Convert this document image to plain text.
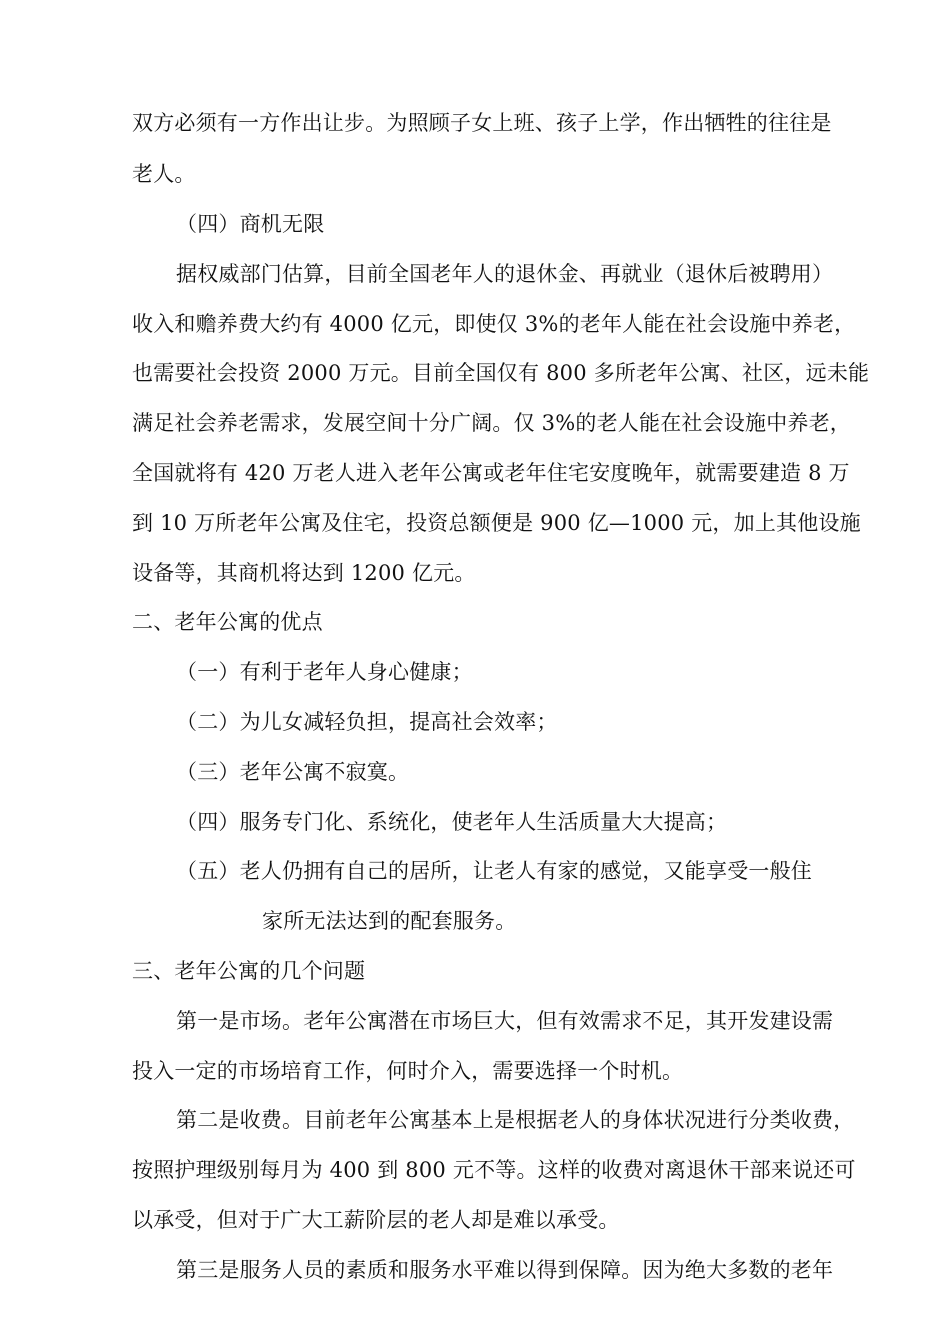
双方必须有一方作出让步。为照顾子女上班、孩子上学，作出牺牲的往往是
老人。
（四）商机无限
据权威部门估算，目前全国老年人的退休金、再就业（退休后被聘用）
收入和赡养费大约有 4000 亿元，即使仅 3%的老年人能在社会设施中养老，
也需要社会投资 2000 万元。目前全国仅有 800 多所老年公寓、社区，远未能
满足社会养老需求，发展空间十分广阔。仅 3%的老人能在社会设施中养老，
全国就将有 420 万老人进入老年公寓或老年住宅安度晚年，就需要建造 8 万
到 10 万所老年公寓及住宅，投资总额便是 900 亿—1000 元，加上其他设施
设备等，其商机将达到 1200 亿元。
二、老年公寓的优点
（一）有利于老年人身心健康；
（二）为儿女减轻负担，提高社会效率；
（三）老年公寓不寂寞。
（四）服务专门化、系统化，使老年人生活质量大大提高；
（五）老人仍拥有自己的居所，让老人有家的感觉，又能享受一般住
家所无法达到的配套服务。
三、老年公寓的几个问题
第一是市场。老年公寓潜在市场巨大，但有效需求不足，其开发建设需
投入一定的市场培育工作，何时介入，需要选择一个时机。
第二是收费。目前老年公寓基本上是根据老人的身体状况进行分类收费，
按照护理级别每月为 400 到 800 元不等。这样的收费对离退休干部来说还可
以承受，但对于广大工薪阶层的老人却是难以承受。
第三是服务人员的素质和服务水平难以得到保障。因为绝大多数的老年
